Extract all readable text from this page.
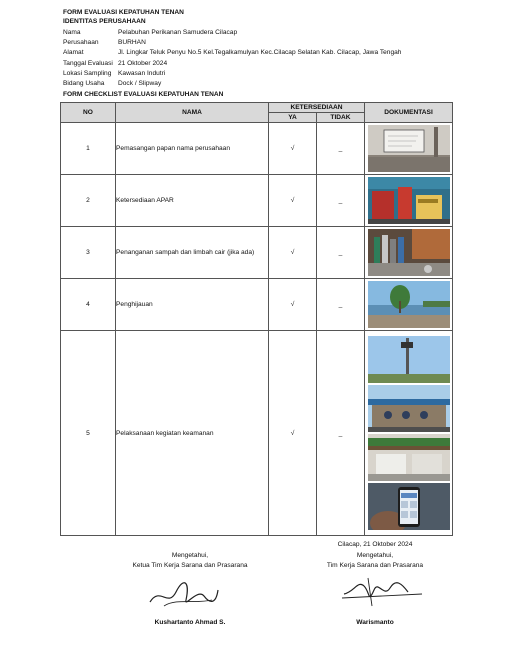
FORM EVALUASI KEPATUHAN TENAN
IDENTITAS PERUSAHAAN
Nama	Pelabuhan Perikanan Samudera Cilacap
Perusahaan	BURHAN
Alamat	Jl. Lingkar Teluk Penyu No.5 Kel.Tegalkamulyan Kec.Cilacap Selatan Kab. Cilacap, Jawa Tengah
Tanggal Evaluasi 21 Oktober 2024
Lokasi Sampling Kawasan Indutri
Bidang Usaha Dock / Slipway
FORM CHECKLIST EVALUASI KEPATUHAN TENAN
NO	NAMA	KETERSEDIAAN		DOKUMENTASI
		YA	TIDAK	
1	Pemasangan papan nama perusahaan	√	_	

2	Ketersediaan APAR	√	_	

3	Penanganan sampah dan limbah cair (jika ada)	√	_	

4	Penghijauan	√	_	

5	Pelaksanaan kegiatan keamanan	√	_	
Mengetahui,
Ketua Tim Kerja Sarana dan Prasarana
Kushartanto Ahmad S.
Cilacap, 21 Oktober 2024
Mengetahui,
Tim Kerja Sarana dan Prasarana
Warismanto
